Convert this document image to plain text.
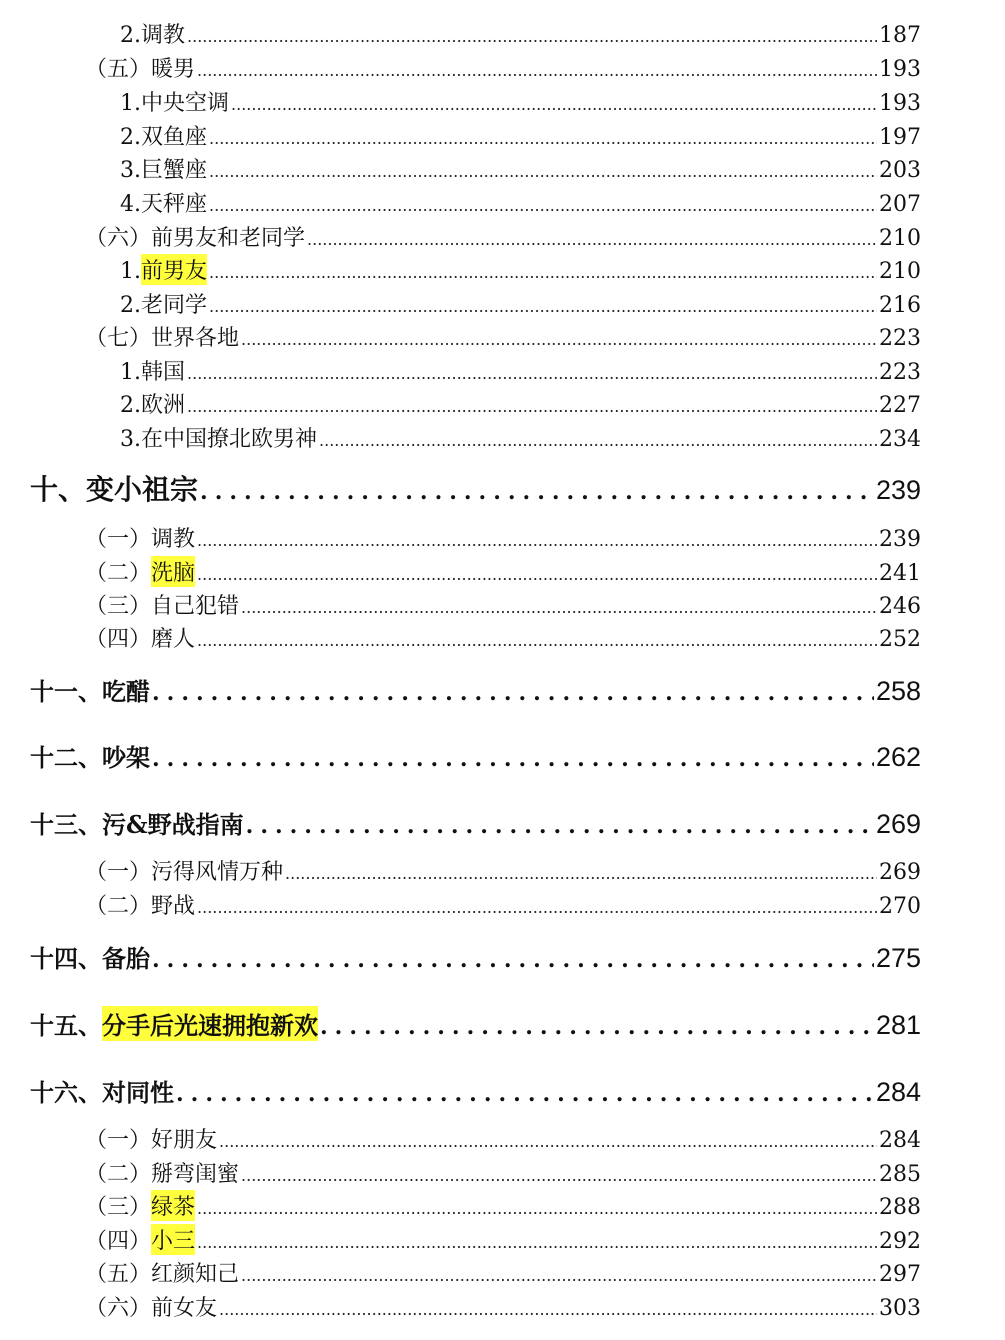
2. 调教 .....	187
（五） 暖男 .....	193
1. 中央空调 .....	193
2. 双鱼座 .....	197
3. 巨蟹座 .....	203
4. 天秤座 .....	207
（六） 前男友和老同学 .....	210
1. 前男友 .....	210
2. 老同学 .....	216
（七） 世界各地 .....	223
1. 韩国 .....	223
2. 欧洲 .....	227
3. 在中国撩北欧男神 .....	234
十、 变小祖宗 .....	239
（一） 调教 .....	239
（二） 洗脑 .....	241
（三） 自己犯错 .....	246
（四） 磨人 .....	252
十一、 吃醋 .....	258
十二、 吵架 .....	262
十三、 污&野战指南 .....	269
（一） 污得风情万种 .....	269
（二） 野战 .....	270
十四、 备胎 .....	275
十五、 分手后光速拥抱新欢 .....	281
十六、 对同性 .....	284
（一） 好朋友 .....	284
（二） 掰弯闺蜜 .....	285
（三） 绿茶 .....	288
（四） 小三 .....	292
（五） 红颜知己 .....	297
（六） 前女友 .....	303
